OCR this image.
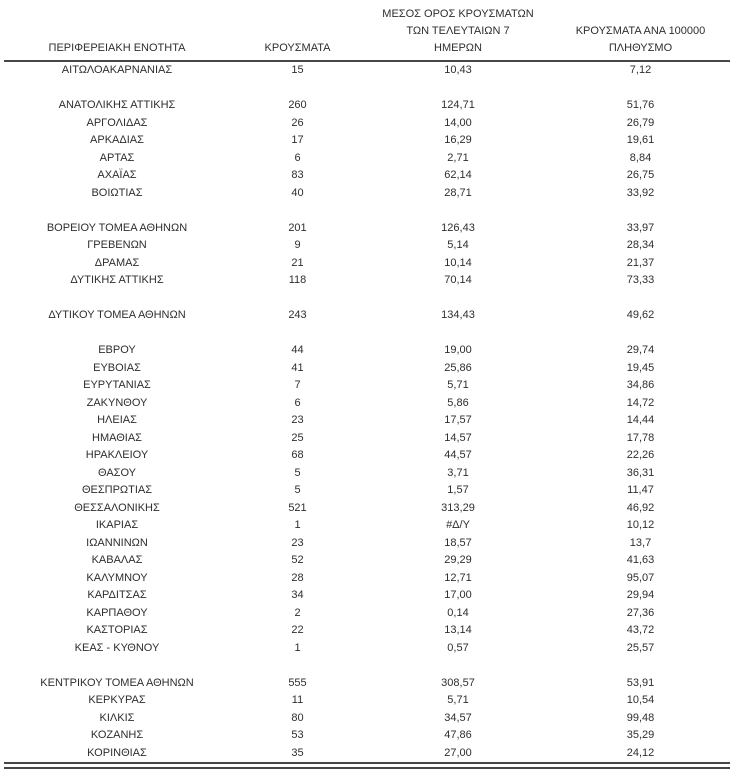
ΠΕΡΙΦΕΡΕΙΑΚΗ ΕΝΟΤΗΤΑ	ΚΡΟΥΣΜΑΤΑ	ΜΕΣΟΣ ΟΡΟΣ ΚΡΟΥΣΜΑΤΩΝ
ΤΩΝ ΤΕΛΕΥΤΑΙΩΝ 7
ΗΜΕΡΩΝ	ΚΡΟΥΣΜΑΤΑ ΑΝΑ 100000
ΠΛΗΘΥΣΜΟ

ΑΙΤΩΛΟΑΚΑΡΝΑΝΙΑΣ	15	10,43	7,12

ΑΝΑΤΟΛΙΚΗΣ ΑΤΤΙΚΗΣ	260	124,71	51,76
ΑΡΓΟΛΙΔΑΣ	26	14,00	26,79
ΑΡΚΑΔΙΑΣ	17	16,29	19,61
ΑΡΤΑΣ	6	2,71	8,84
ΑΧΑΪΑΣ	83	62,14	26,75
ΒΟΙΩΤΙΑΣ	40	28,71	33,92

ΒΟΡΕΙΟΥ ΤΟΜΕΑ ΑΘΗΝΩΝ	201	126,43	33,97
ΓΡΕΒΕΝΩΝ	9	5,14	28,34
ΔΡΑΜΑΣ	21	10,14	21,37
ΔΥΤΙΚΗΣ ΑΤΤΙΚΗΣ	118	70,14	73,33

ΔΥΤΙΚΟΥ ΤΟΜΕΑ ΑΘΗΝΩΝ	243	134,43	49,62

ΕΒΡΟΥ	44	19,00	29,74
ΕΥΒΟΙΑΣ	41	25,86	19,45
ΕΥΡΥΤΑΝΙΑΣ	7	5,71	34,86
ΖΑΚΥΝΘΟΥ	6	5,86	14,72
ΗΛΕΙΑΣ	23	17,57	14,44
ΗΜΑΘΙΑΣ	25	14,57	17,78
ΗΡΑΚΛΕΙΟΥ	68	44,57	22,26
ΘΑΣΟΥ	5	3,71	36,31
ΘΕΣΠΡΩΤΙΑΣ	5	1,57	11,47
ΘΕΣΣΑΛΟΝΙΚΗΣ	521	313,29	46,92
ΙΚΑΡΙΑΣ	1	#Δ/Υ	10,12
ΙΩΑΝΝΙΝΩΝ	23	18,57	13,7
ΚΑΒΑΛΑΣ	52	29,29	41,63
ΚΑΛΥΜΝΟΥ	28	12,71	95,07
ΚΑΡΔΙΤΣΑΣ	34	17,00	29,94
ΚΑΡΠΑΘΟΥ	2	0,14	27,36
ΚΑΣΤΟΡΙΑΣ	22	13,14	43,72
ΚΕΑΣ - ΚΥΘΝΟΥ	1	0,57	25,57

ΚΕΝΤΡΙΚΟΥ ΤΟΜΕΑ ΑΘΗΝΩΝ	555	308,57	53,91
ΚΕΡΚΥΡΑΣ	11	5,71	10,54
ΚΙΛΚΙΣ	80	34,57	99,48
ΚΟΖΑΝΗΣ	53	47,86	35,29
ΚΟΡΙΝΘΙΑΣ	35	27,00	24,12
